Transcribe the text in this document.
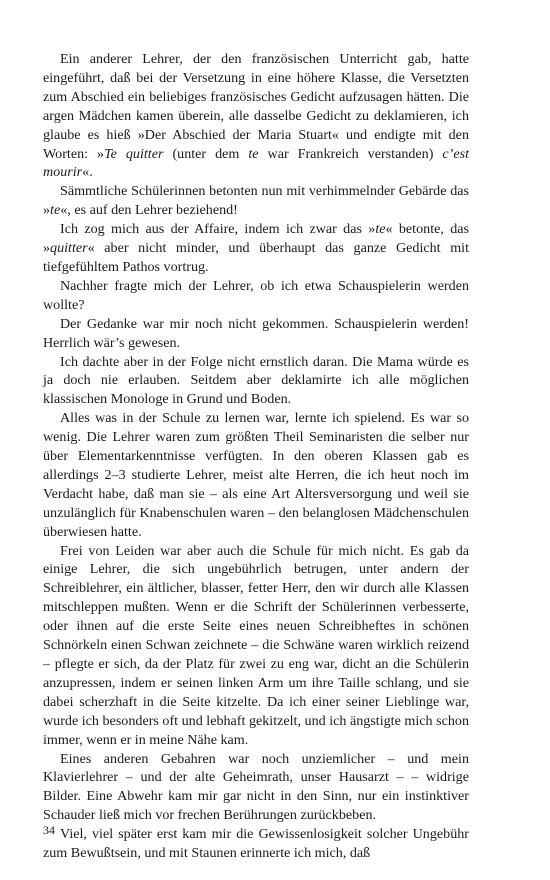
Ein anderer Lehrer, der den französischen Unterricht gab, hatte eingeführt, daß bei der Versetzung in eine höhere Klasse, die Versetzten zum Abschied ein beliebiges französisches Gedicht aufzusagen hätten. Die argen Mädchen kamen überein, alle dasselbe Gedicht zu deklamieren, ich glaube es hieß »Der Abschied der Maria Stuart« und endigte mit den Worten: »Te quitter (unter dem te war Frankreich verstanden) c’est mourir«.

Sämmtliche Schülerinnen betonten nun mit verhimmelnder Gebärde das »te«, es auf den Lehrer beziehend!

Ich zog mich aus der Affaire, indem ich zwar das »te« betonte, das »quitter« aber nicht minder, und überhaupt das ganze Gedicht mit tiefgefühltem Pathos vortrug.

Nachher fragte mich der Lehrer, ob ich etwa Schauspielerin werden wollte?

Der Gedanke war mir noch nicht gekommen. Schauspielerin werden! Herrlich wär’s gewesen.

Ich dachte aber in der Folge nicht ernstlich daran. Die Mama würde es ja doch nie erlauben. Seitdem aber deklamirte ich alle möglichen klassischen Monologe in Grund und Boden.

Alles was in der Schule zu lernen war, lernte ich spielend. Es war so wenig. Die Lehrer waren zum größten Theil Seminaristen die selber nur über Elementarkenntnisse verfügten. In den oberen Klassen gab es allerdings 2–3 studierte Lehrer, meist alte Herren, die ich heut noch im Verdacht habe, daß man sie – als eine Art Altersversorgung und weil sie unzulänglich für Knabenschulen waren – den belanglosen Mädchenschulen überwiesen hatte.

Frei von Leiden war aber auch die Schule für mich nicht. Es gab da einige Lehrer, die sich ungebührlich betrugen, unter andern der Schreiblehrer, ein ältlicher, blasser, fetter Herr, den wir durch alle Klassen mitschleppen mußten. Wenn er die Schrift der Schülerinnen verbesserte, oder ihnen auf die erste Seite eines neuen Schreibheftes in schönen Schnörkeln einen Schwan zeichnete – die Schwäne waren wirklich reizend – pflegte er sich, da der Platz für zwei zu eng war, dicht an die Schülerin anzupressen, indem er seinen linken Arm um ihre Taille schlang, und sie dabei scherzhaft in die Seite kitzelte. Da ich einer seiner Lieblinge war, wurde ich besonders oft und lebhaft gekitzelt, und ich ängstigte mich schon immer, wenn er in meine Nähe kam.

Eines anderen Gebahren war noch unziemlicher – und mein Klavierlehrer – und der alte Geheimrath, unser Hausarzt – – widrige Bilder. Eine Abwehr kam mir gar nicht in den Sinn, nur ein instinktiver Schauder ließ mich vor frechen Berührungen zurückbeben.

Viel, viel später erst kam mir die Gewissenlosigkeit solcher Ungebühr zum Bewußtsein, und mit Staunen erinnerte ich mich, daß

34
